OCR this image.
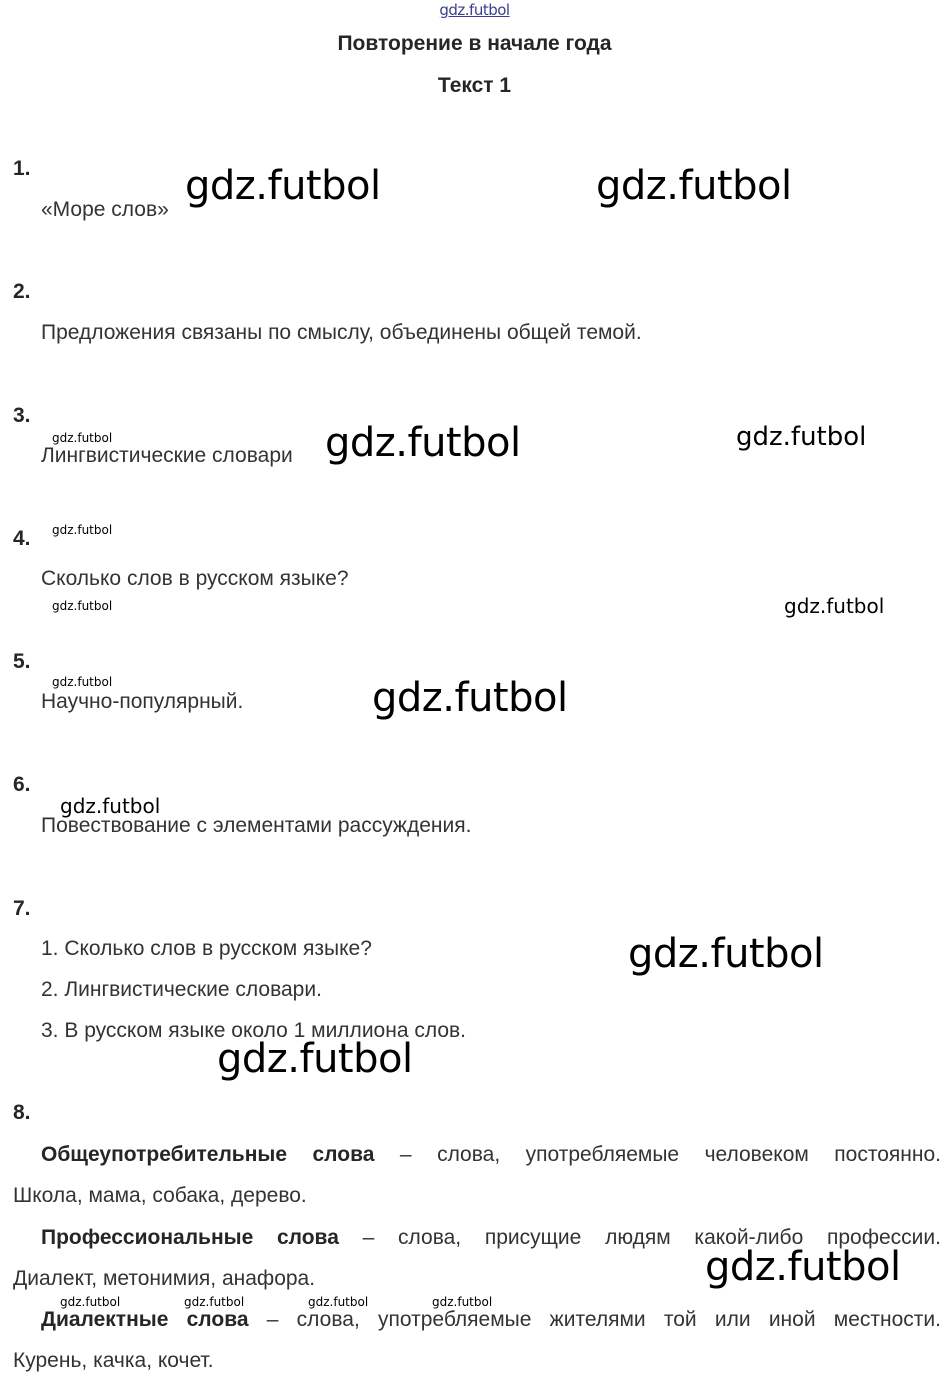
gdz.futbol
Повторение в начале года
Текст 1
1.
«Море слов»
2.
Предложения связаны по смыслу, объединены общей темой.
3.
Лингвистические словари
4.
Сколько слов в русском языке?
5.
Научно-популярный.
6.
Повествование с элементами рассуждения.
7.
1. Сколько слов в русском языке?
2. Лингвистические словари.
3. В русском языке около 1 миллиона слов.
8.
Общеупотребительные слова – слова, употребляемые человеком постоянно.
Школа, мама, собака, дерево.
Профессиональные слова – слова, присущие людям какой-либо профессии.
Диалект, метонимия, анафора.
Диалектные слова – слова, употребляемые жителями той или иной местности.
Курень, качка, кочет.
gdz.futbol	gdz.futbol
gdz.futbol	gdz.futbol
gdz.futbol
gdz.futbol
gdz.futbol	gdz.futbol
gdz.futbol	gdz.futbol
gdz.futbol
gdz.futbol
gdz.futbol
gdz.futbol
gdz.futbol	gdz.futbol	gdz.futbol	gdz.futbol
